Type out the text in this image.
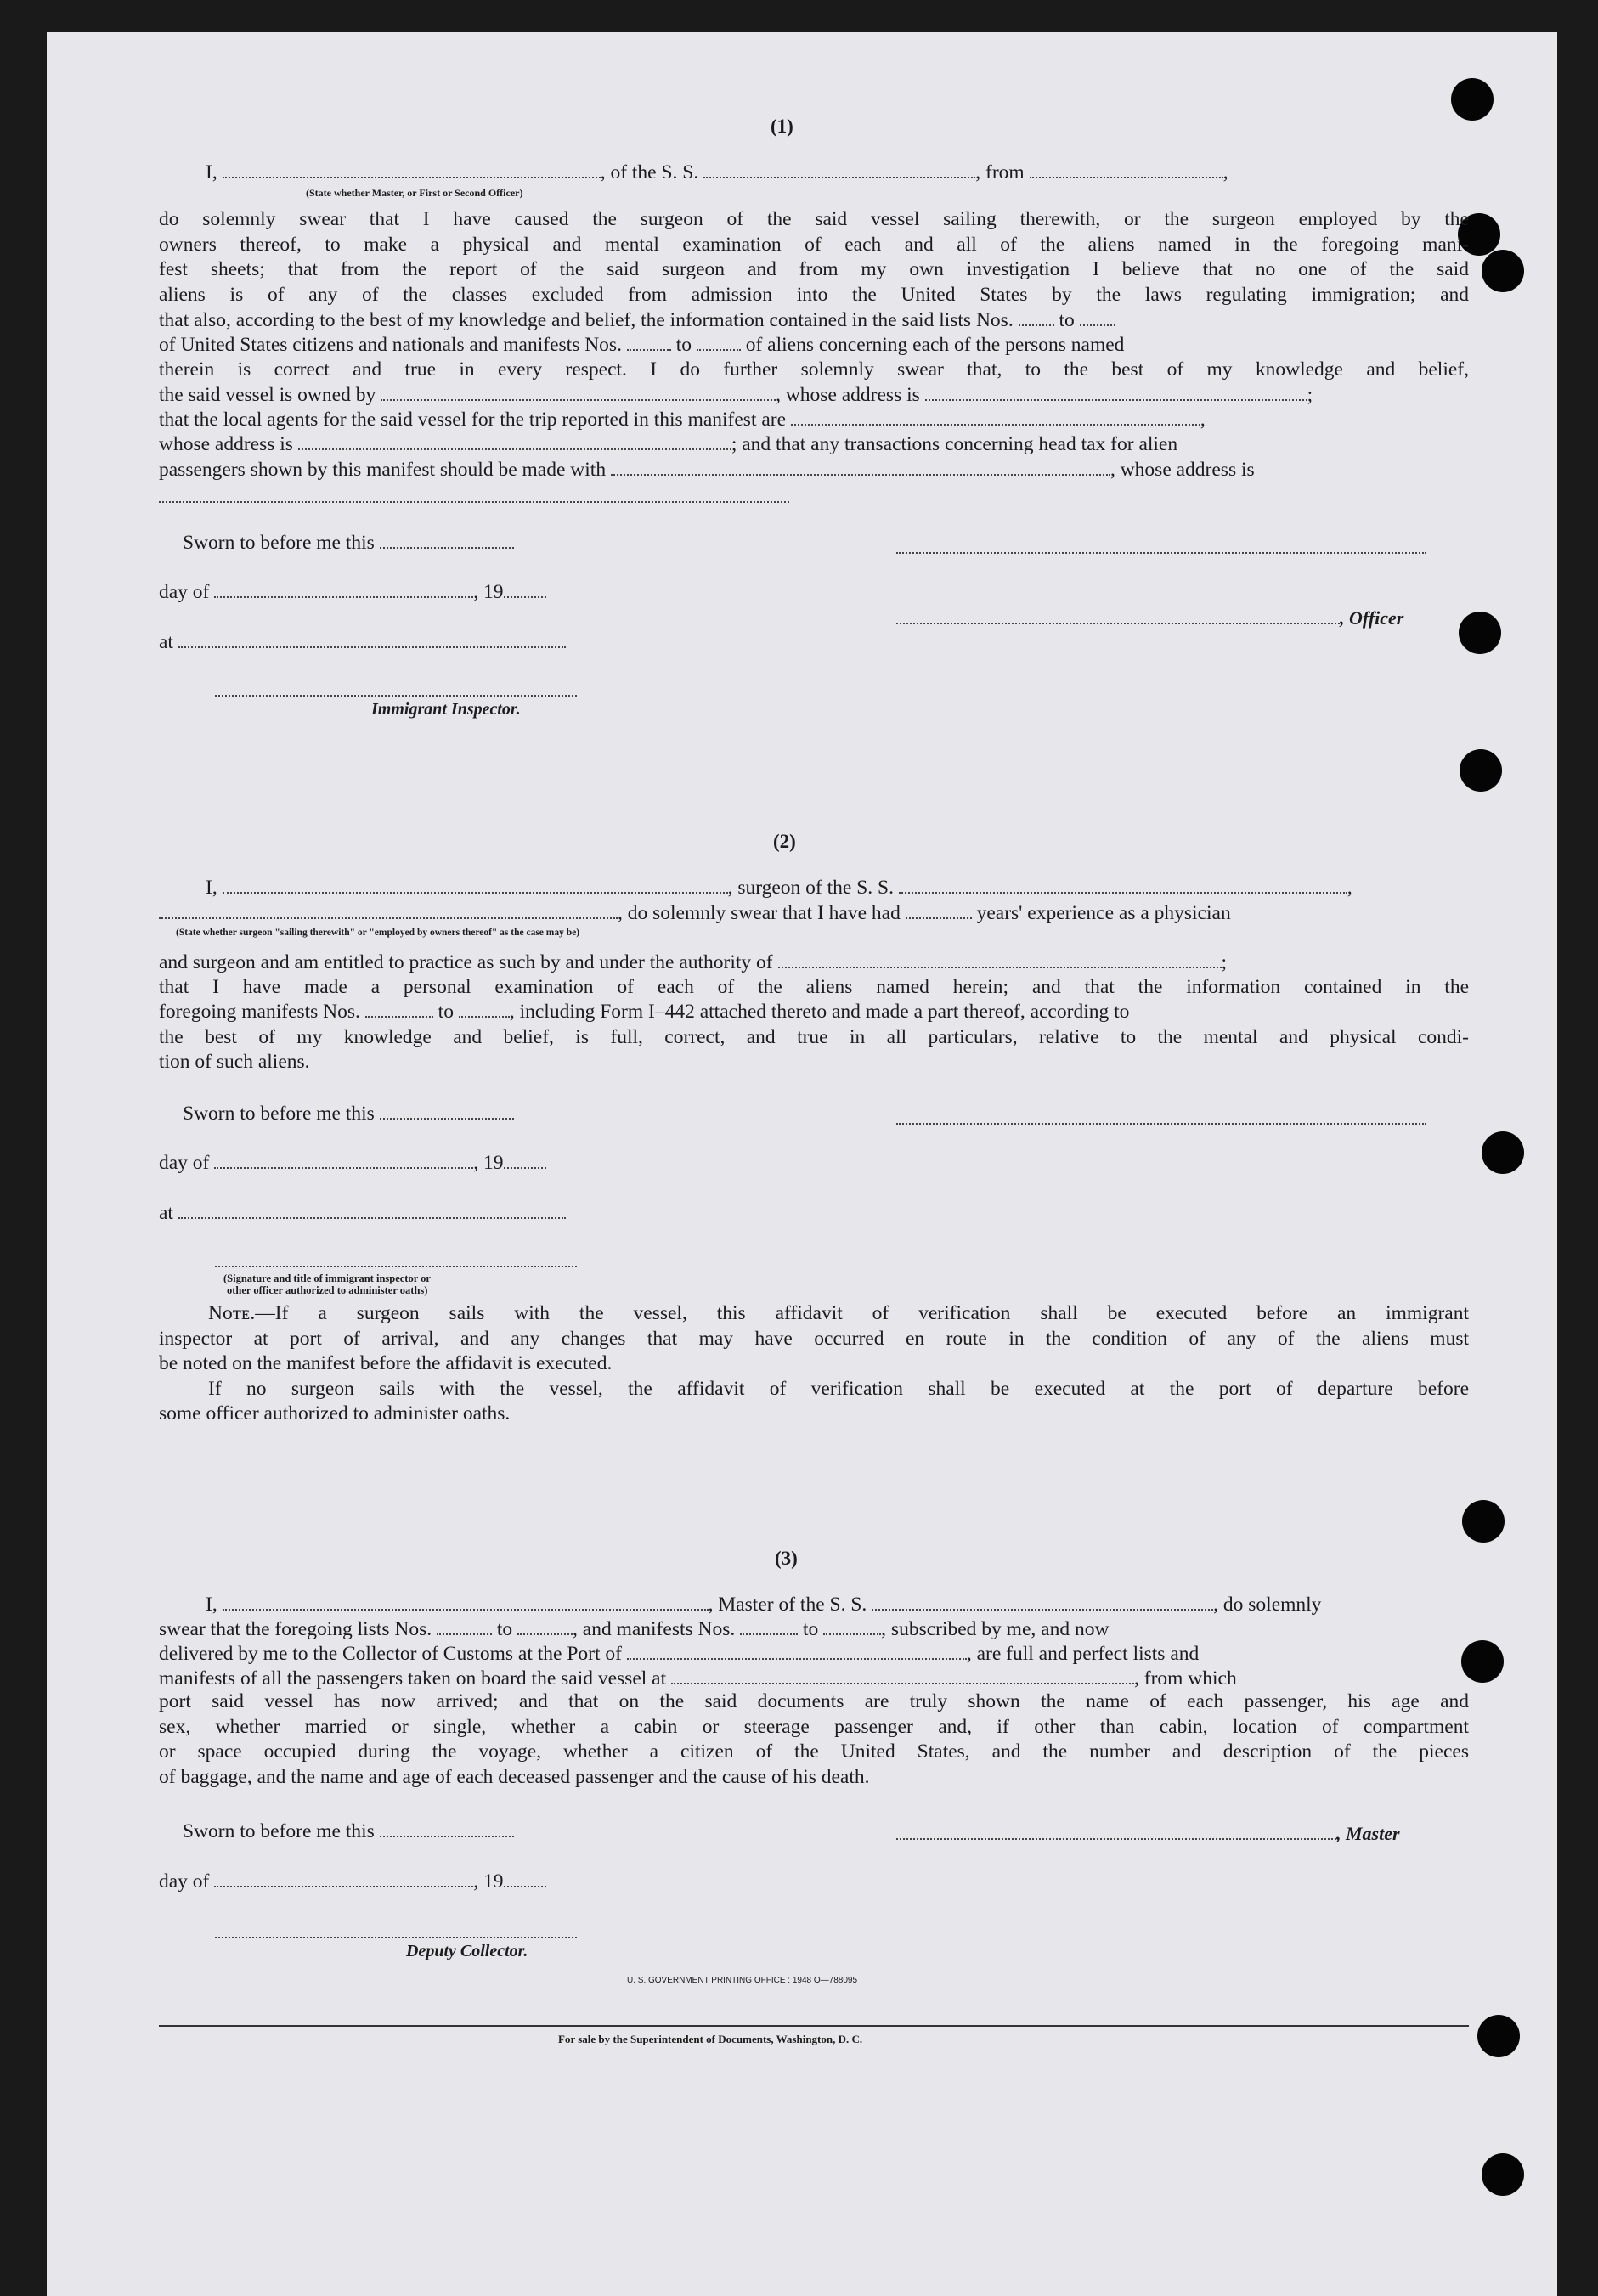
(1)
I,	, of the S. S.	, from	,
(State whether Master, or First or Second Officer)
do solemnly swear that I have caused the surgeon of the said vessel sailing therewith, or the surgeon employed by the
owners thereof, to make a physical and mental examination of each and all of the aliens named in the foregoing mani-
fest sheets; that from the report of the said surgeon and from my own investigation I believe that no one of the said
aliens is of any of the classes excluded from admission into the United States by the laws regulating immigration; and
that also, according to the best of my knowledge and belief, the information contained in the said lists Nos. to
of United States citizens and nationals and manifests Nos.	to	of aliens concerning each of the persons named
therein is correct and true in every respect. I do further solemnly swear that, to the best of my knowledge and belief,
the said vessel is owned by	, whose address is	;
that the local agents for the said vessel for the trip reported in this manifest are	,
whose address is	; and that any transactions concerning head tax for alien
passengers shown by this manifest should be made with	, whose address is
Sworn to before me this
day of	, 19
at
, Officer
Immigrant Inspector.
(2)
I,	, surgeon of the S. S.	,
, do solemnly swear that I have had	years' experience as a physician
(State whether surgeon "sailing therewith" or "employed by owners thereof" as the case may be)
and surgeon and am entitled to practice as such by and under the authority of	;
that I have made a personal examination of each of the aliens named herein; and that the information contained in the
foregoing manifests Nos.	to	, including Form I–442 attached thereto and made a part thereof, according to
the best of my knowledge and belief, is full, correct, and true in all particulars, relative to the mental and physical condi-
tion of such aliens.
Sworn to before me this
day of	, 19
at
(Signature and title of immigrant inspector or
other officer authorized to administer oaths)
Nᴏᴛᴇ.—If a surgeon sails with the vessel, this affidavit of verification shall be executed before an immigrant
inspector at port of arrival, and any changes that may have occurred en route in the condition of any of the aliens must
be noted on the manifest before the affidavit is executed.
If no surgeon sails with the vessel, the affidavit of verification shall be executed at the port of departure before
some officer authorized to administer oaths.
(3)
I,	, Master of the S. S.	, do solemnly
swear that the foregoing lists Nos.	to	, and manifests Nos.	to	, subscribed by me, and now
delivered by me to the Collector of Customs at the Port of	, are full and perfect lists and
manifests of all the passengers taken on board the said vessel at	, from which
port said vessel has now arrived; and that on the said documents are truly shown the name of each passenger, his age and
sex, whether married or single, whether a cabin or steerage passenger and, if other than cabin, location of compartment
or space occupied during the voyage, whether a citizen of the United States, and the number and description of the pieces
of baggage, and the name and age of each deceased passenger and the cause of his death.
Sworn to before me this	, Master
day of	, 19
Deputy Collector.
U. S. GOVERNMENT PRINTING OFFICE : 1948 O—788095
For sale by the Superintendent of Documents, Washington, D. C.
